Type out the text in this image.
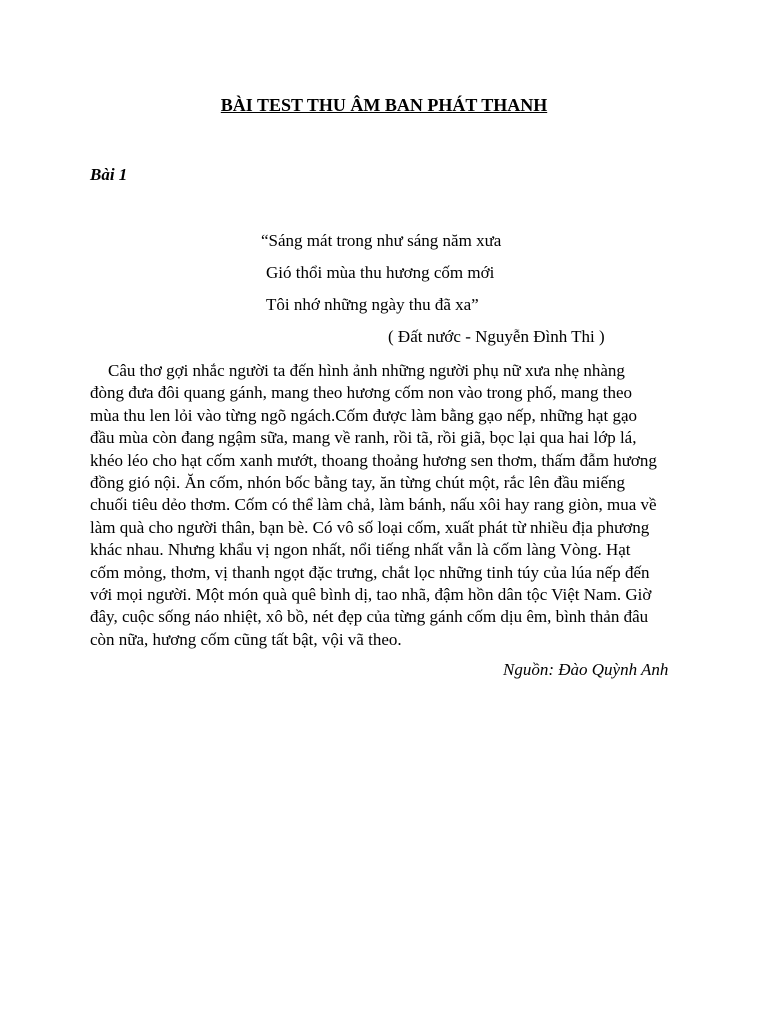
BÀI TEST THU ÂM BAN PHÁT THANH
Bài 1
“Sáng mát trong như sáng năm xưa
Gió thổi mùa thu hương cốm mới
Tôi nhớ những ngày thu đã xa”
( Đất nước - Nguyễn Đình Thi )
Câu thơ gợi nhắc người ta đến hình ảnh những người phụ nữ xưa nhẹ nhàng
đòng đưa đôi quang gánh, mang theo hương cốm non vào trong phố, mang theo
mùa thu len lỏi vào từng ngõ ngách.Cốm được làm bằng gạo nếp, những hạt gạo
đầu mùa còn đang ngậm sữa, mang về ranh, rồi tã, rồi giã, bọc lại qua hai lớp lá,
khéo léo cho hạt cốm xanh mướt, thoang thoảng hương sen thơm, thấm đẫm hương
đồng gió nội. Ăn cốm, nhón bốc bằng tay, ăn từng chút một, rắc lên đầu miếng
chuối tiêu dẻo thơm. Cốm có thể làm chả, làm bánh, nấu xôi hay rang giòn, mua về
làm quà cho người thân, bạn bè. Có vô số loại cốm, xuất phát từ nhiều địa phương
khác nhau. Nhưng khẩu vị ngon nhất, nổi tiếng nhất vẫn là cốm làng Vòng. Hạt
cốm mỏng, thơm, vị thanh ngọt đặc trưng, chắt lọc những tinh túy của lúa nếp đến
với mọi người. Một món quà quê bình dị, tao nhã, đậm hồn dân tộc Việt Nam. Giờ
đây, cuộc sống náo nhiệt, xô bồ, nét đẹp của từng gánh cốm dịu êm, bình thản đâu
còn nữa, hương cốm cũng tất bật, vội vã theo.
Nguồn: Đào Quỳnh Anh
